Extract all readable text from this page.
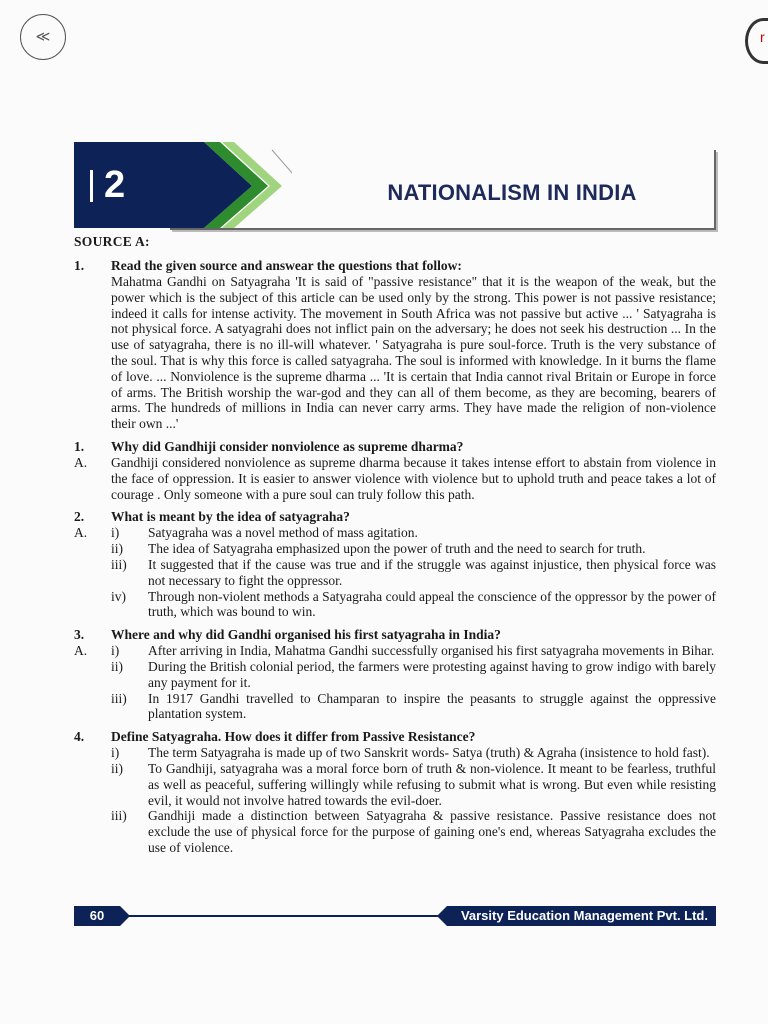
≪	r
NATIONALISM IN INDIA
2
SOURCE A:
1.	Read the given source and answear the questions that follow:
Mahatma Gandhi on Satyagraha 'It is said of "passive resistance" that it is the weapon of the weak, but the power which is the subject of this article can be used only by the strong. This power is not passive resistance; indeed it calls for intense activity. The movement in South Africa was not passive but active ... ' Satyagraha is not physical force. A satyagrahi does not inflict pain on the adversary; he does not seek his destruction ... In the use of satyagraha, there is no ill-will whatever. ' Satyagraha is pure soul-force. Truth is the very substance of the soul. That is why this force is called satyagraha. The soul is informed with knowledge. In it burns the flame of love. ... Nonviolence is the supreme dharma ... 'It is certain that India cannot rival Britain or Europe in force of arms. The British worship the war-god and they can all of them become, as they are becoming, bearers of arms. The hundreds of millions in India can never carry arms. They have made the religion of non-violence their own ...'
1.	Why did Gandhiji consider nonviolence as supreme dharma?
A.	Gandhiji considered nonviolence as supreme dharma because it takes intense effort to abstain from violence in the face of oppression. It is easier to answer violence with violence but to uphold truth and peace takes a lot of courage . Only someone with a pure soul can truly follow this path.
2.	What is meant by the idea of satyagraha?
A.	i)	Satyagraha was a novel method of mass agitation.
ii)	The idea of Satyagraha emphasized upon the power of truth and the need to search for truth.
iii)	It suggested that if the cause was true and if the struggle was against injustice, then physical force was not necessary to fight the oppressor.
iv)	Through non-violent methods a Satyagraha could appeal the conscience of the oppressor by the power of truth, which was bound to win.
3.	Where and why did Gandhi organised his first satyagraha in India?
A.	i)	After arriving in India, Mahatma Gandhi successfully organised his first satyagraha movements in Bihar.
ii)	During the British colonial period, the farmers were protesting against having to grow indigo with barely any payment for it.
iii)	In 1917 Gandhi travelled to Champaran to inspire the peasants to struggle against the oppressive plantation system.
4.	Define Satyagraha. How does it differ from Passive Resistance?
i)	The term Satyagraha is made up of two Sanskrit words- Satya (truth) & Agraha (insistence to hold fast).
ii)	To Gandhiji, satyagraha was a moral force born of truth & non-violence. It meant to be fearless, truthful as well as peaceful, suffering willingly while refusing to submit what is wrong. But even while resisting evil, it would not involve hatred towards the evil-doer.
iii)	Gandhiji made a distinction between Satyagraha & passive resistance. Passive resistance does not exclude the use of physical force for the purpose of gaining one's end, whereas Satyagraha excludes the use of violence.
60	Varsity Education Management Pvt. Ltd.
